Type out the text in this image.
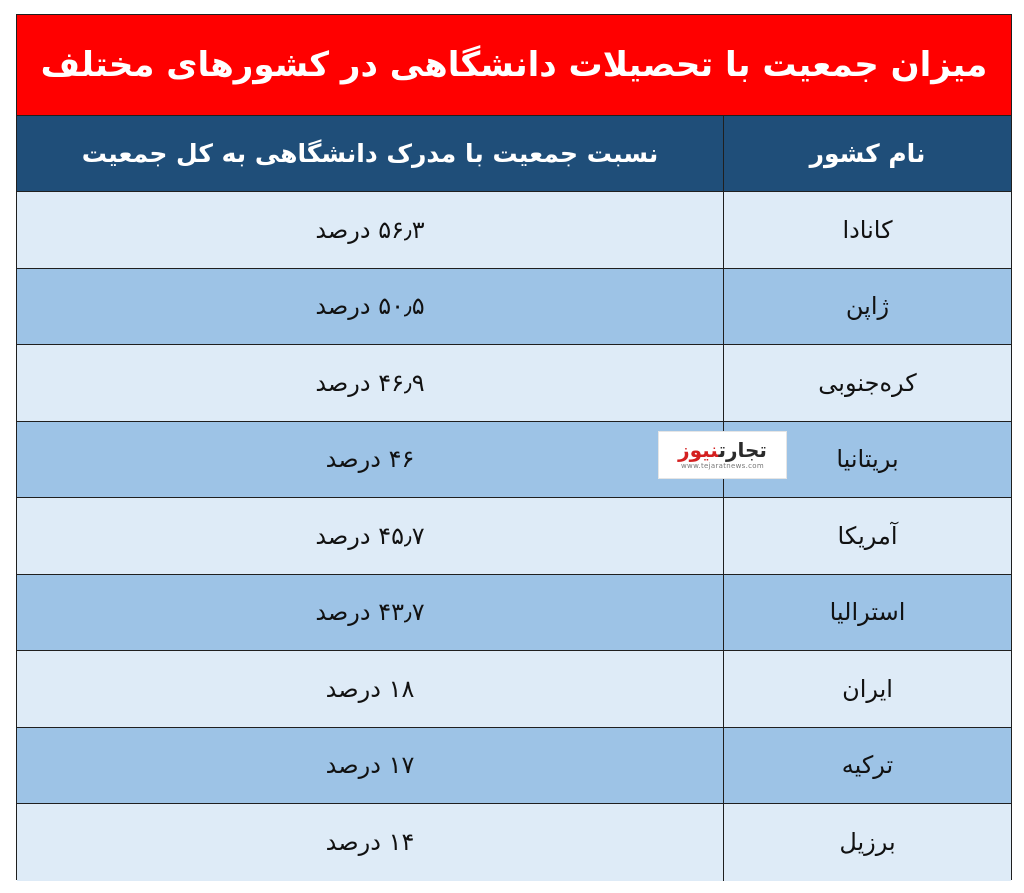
میزان جمعیت با تحصیلات دانشگاهی در کشورهای مختلف
نام کشور
نسبت جمعیت با مدرک دانشگاهی به کل جمعیت
کانادا
۵۶٫۳ درصد
ژاپن
۵۰٫۵ درصد
کره‌جنوبی
۴۶٫۹ درصد
بریتانیا
۴۶ درصد
آمریکا
۴۵٫۷ درصد
استرالیا
۴۳٫۷ درصد
ایران
۱۸ درصد
ترکیه
۱۷ درصد
برزیل
۱۴ درصد
تجارتنیوز
www.tejaratnews.com
